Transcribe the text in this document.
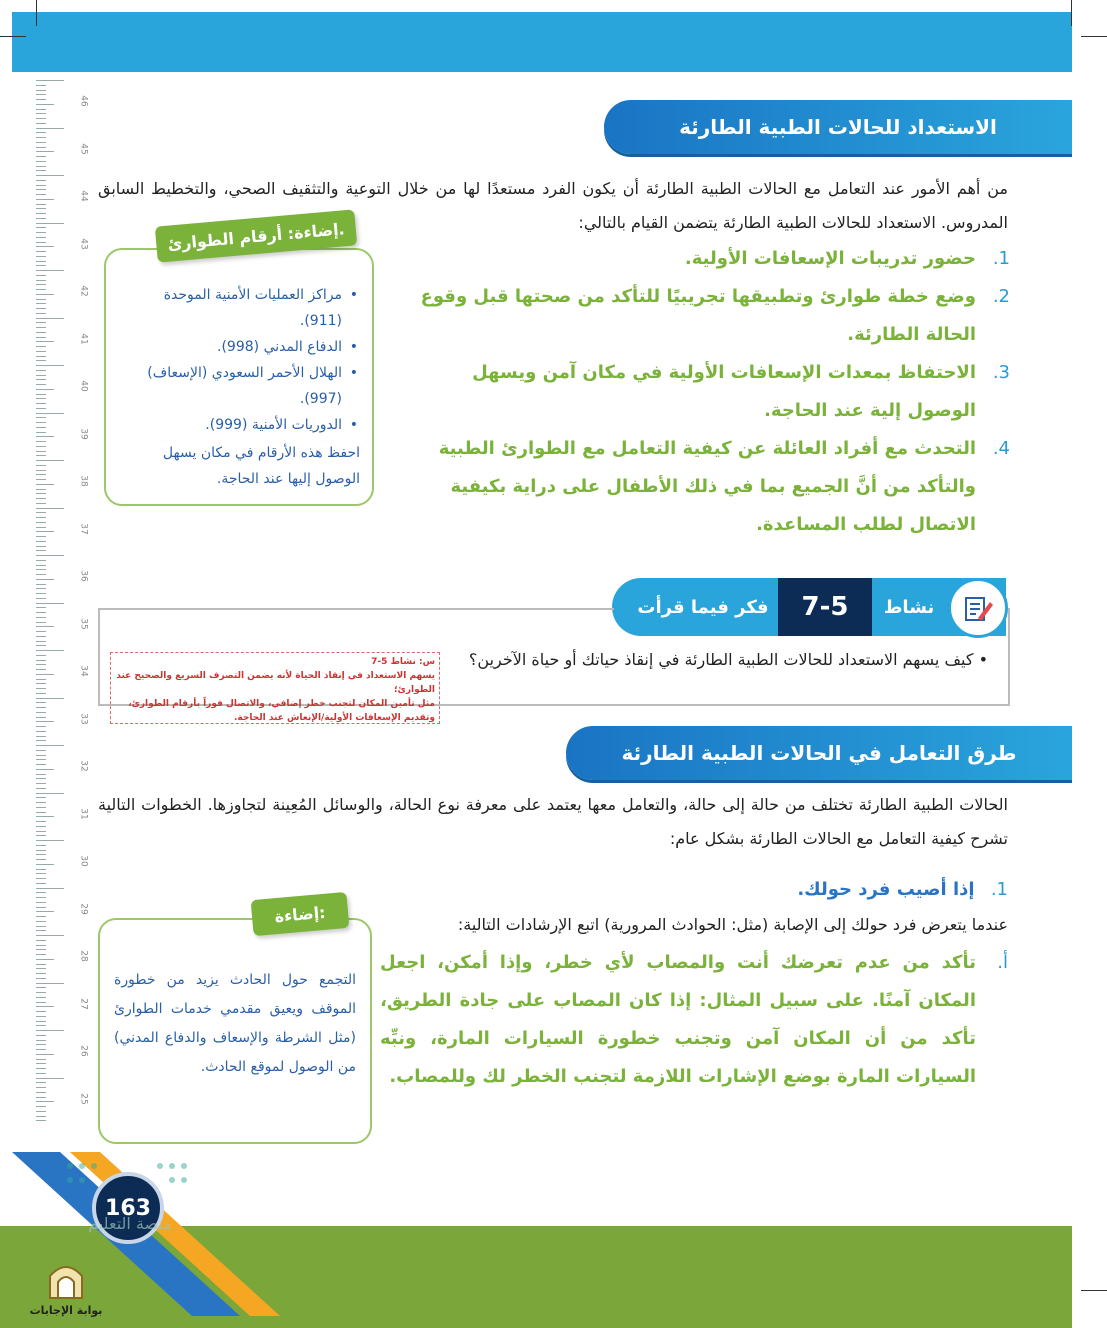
46
45
44
43
42
41
40
39
38
37
36
35
34
33
32
31
30
29
28
27
26
25
الاستعداد للحالات الطبية الطارئة
من أهم الأمور عند التعامل مع الحالات الطبية الطارئة أن يكون الفرد مستعدًا لها من خلال التوعية والتثقيف الصحي، والتخطيط السابق المدروس. الاستعداد للحالات الطبية الطارئة يتضمن القيام بالتالي:
1.
حضور تدريبات الإسعافات الأولية.
2.
وضع خطة طوارئ وتطبيقها تجريبيًا للتأكد من صحتها قبل وقوع الحالة الطارئة.
3.
الاحتفاظ بمعدات الإسعافات الأولية في مكان آمن ويسهل الوصول إلية عند الحاجة.
4.
التحدث مع أفراد العائلة عن كيفية التعامل مع الطوارئ الطبية والتأكد من أنَّ الجميع بما في ذلك الأطفال على دراية بكيفية الاتصال لطلب المساعدة.
• مراكز العمليات الأمنية الموحدة (911).
• الدفاع المدني (998).
• الهلال الأحمر السعودي (الإسعاف) (997).
• الدوريات الأمنية (999).
احفظ هذه الأرقام في مكان يسهل الوصول إليها عند الحاجة.
إضاءة: أرقام الطوارئ.
فكر فيما قرأت	7-5	نشاط
• كيف يسهم الاستعداد للحالات الطبية الطارئة في إنقاذ حياتك أو حياة الآخرين؟
س: نشاط 5-7
يسهم الاستعداد في إنقاذ الحياة لأنه يضمن التصرف السريع والصحيح عند الطوارئ؛
مثل تأمين المكان لتجنب خطر إضافي، والاتصال فوراً بأرقام الطوارئ،
وتقديم الإسعافات الأولية/الإنعاش عند الحاجة.
طرق التعامل في الحالات الطبية الطارئة
الحالات الطبية الطارئة تختلف من حالة إلى حالة، والتعامل معها يعتمد على معرفة نوع الحالة، والوسائل المُعِينة لتجاوزها. الخطوات التالية تشرح كيفية التعامل مع الحالات الطارئة بشكل عام:
1. إذا أصيب فرد حولك.
عندما يتعرض فرد حولك إلى الإصابة (مثل: الحوادث المرورية) اتبع الإرشادات التالية:
أ.
تأكد من عدم تعرضك أنت والمصاب لأي خطر، وإذا أمكن، اجعل المكان آمنًا. على سبيل المثال: إذا كان المصاب على جادة الطريق، تأكد من أن المكان آمن وتجنب خطورة السيارات المارة، ونبِّه السيارات المارة بوضع الإشارات اللازمة لتجنب الخطر لك وللمصاب.
التجمع حول الحادث يزيد من خطورة الموقف ويعيق مقدمي خدمات الطوارئ (مثل الشرطة والإسعاف والدفاع المدني) من الوصول لموقع الحادث.
إضاءة:
163
منصة التعليم
بوابة الإجابات
